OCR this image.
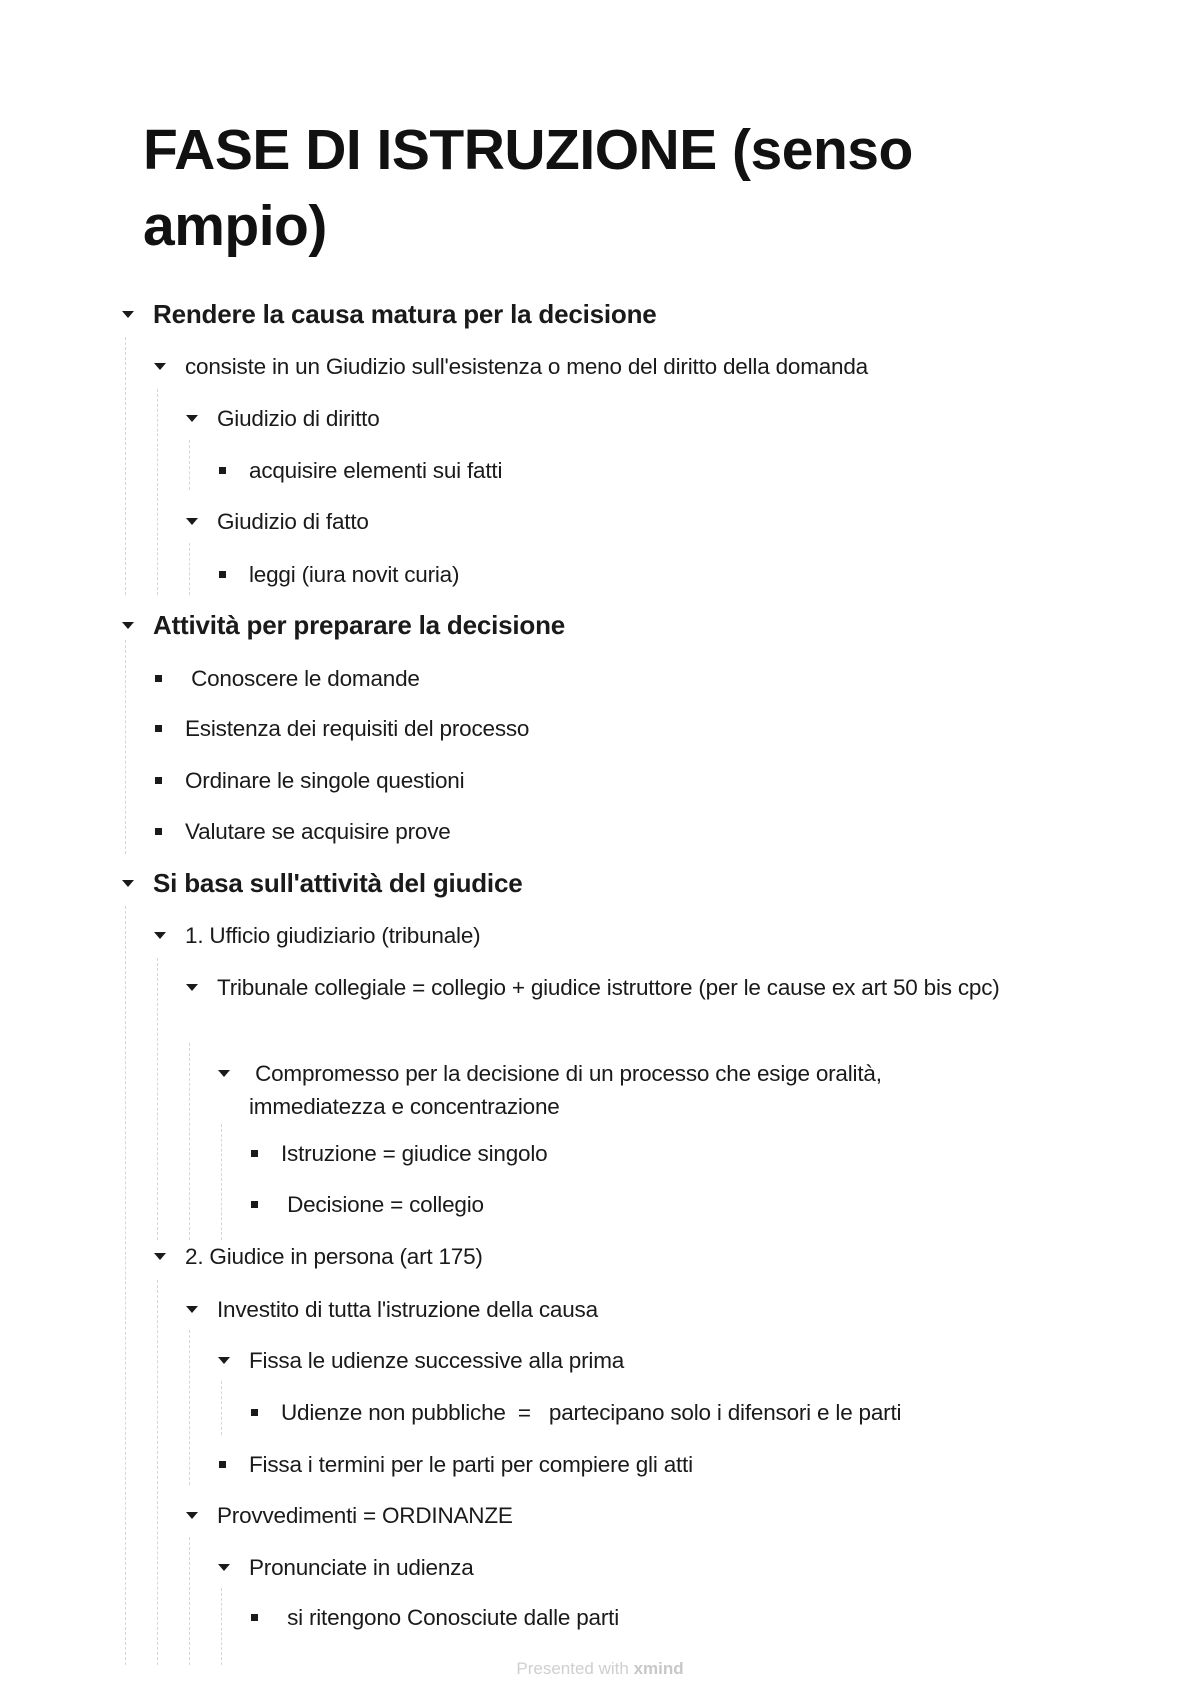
FASE DI ISTRUZIONE (senso ampio)
Rendere la causa matura per la decisione
consiste in un Giudizio sull'esistenza o meno del diritto della domanda
Giudizio di diritto
acquisire elementi sui fatti
Giudizio di fatto
leggi (iura novit curia)
Attività per preparare la decisione
Conoscere le domande
Esistenza dei requisiti del processo
Ordinare le singole questioni
Valutare se acquisire prove
Si basa sull'attività del giudice
1. Ufficio giudiziario (tribunale)
Tribunale collegiale = collegio + giudice istruttore (per le cause ex art 50 bis cpc)
Compromesso per la decisione di un processo che esige oralità, immediatezza e concentrazione
Istruzione = giudice singolo
Decisione = collegio
2. Giudice in persona (art 175)
Investito di tutta l'istruzione della causa
Fissa le udienze successive alla prima
Udienze non pubbliche  =   partecipano solo i difensori e le parti
Fissa i termini per le parti per compiere gli atti
Provvedimenti = ORDINANZE
Pronunciate in udienza
si ritengono Conosciute dalle parti
Presented with xmind
